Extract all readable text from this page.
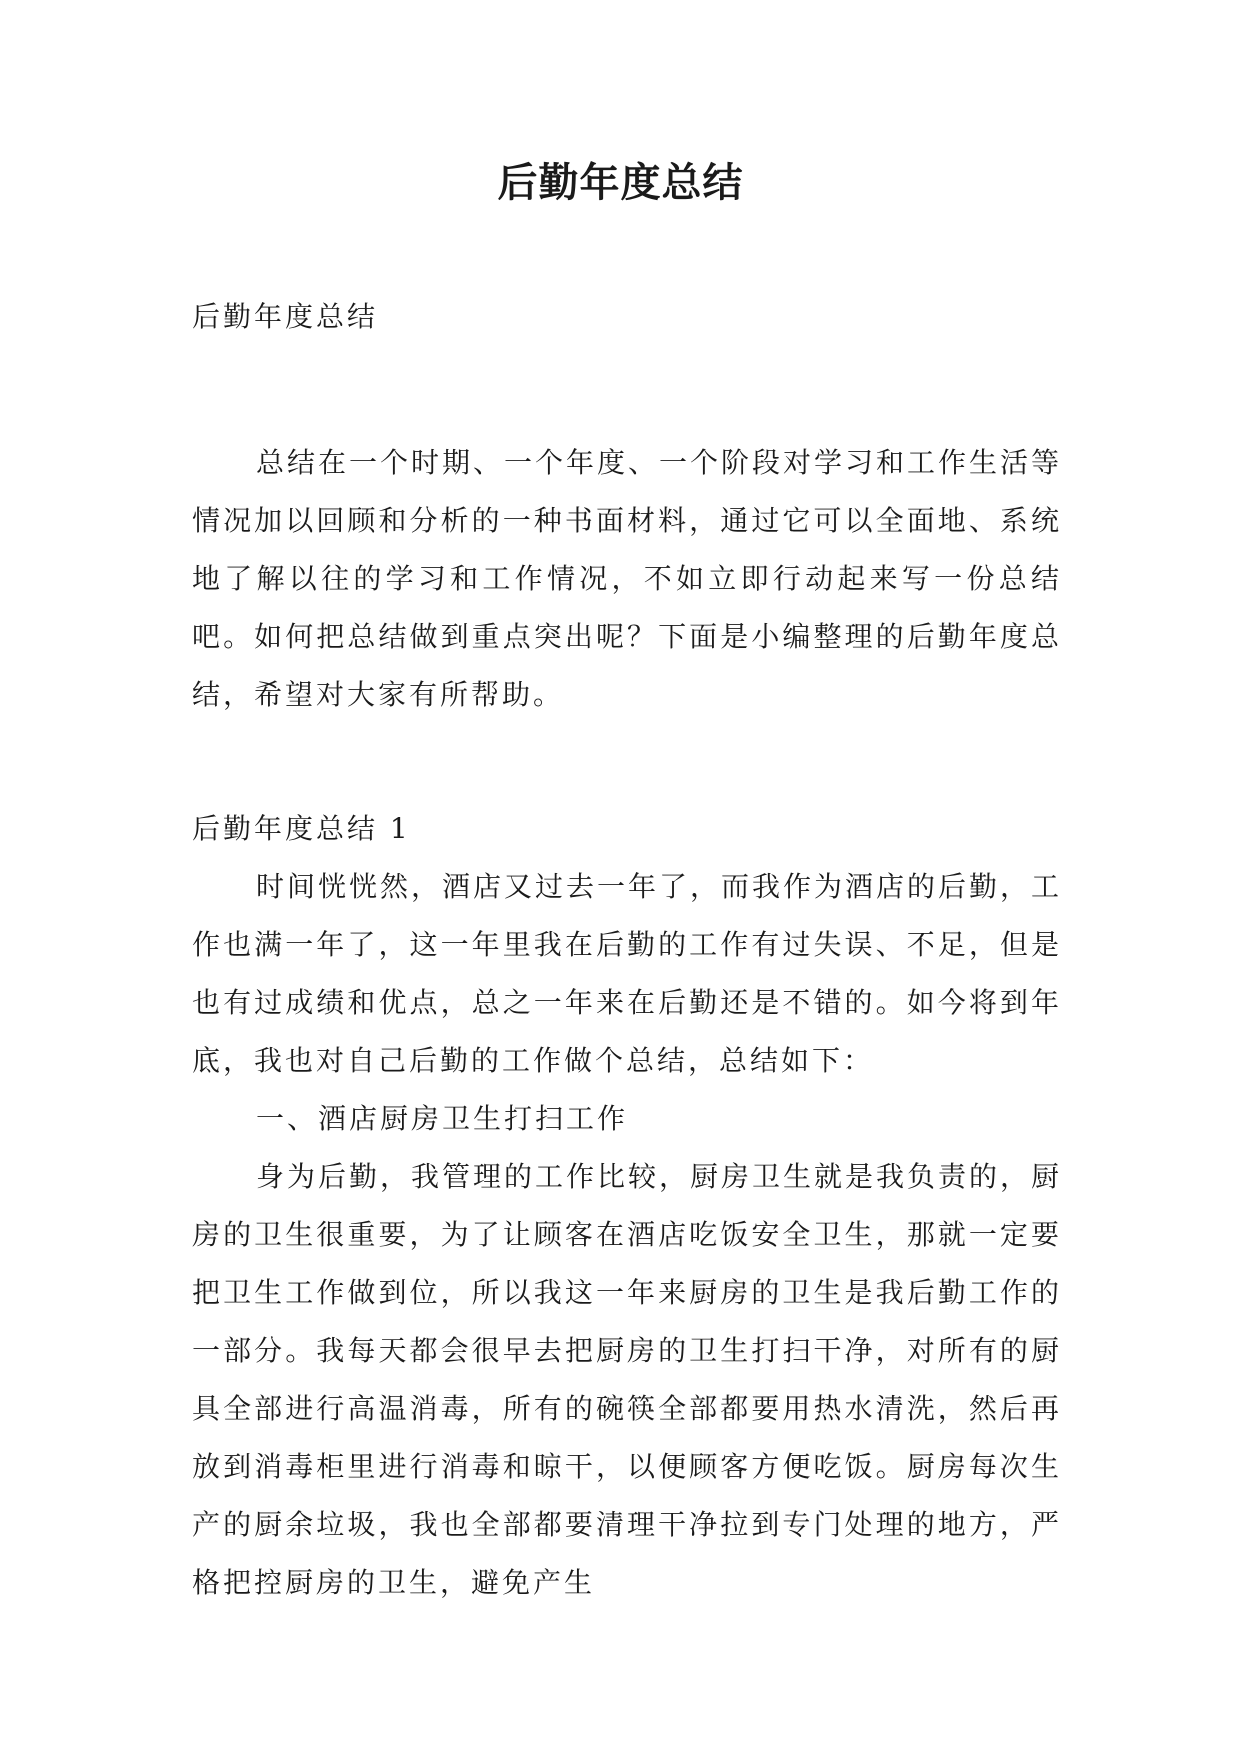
后勤年度总结

后勤年度总结

总结在一个时期、一个年度、一个阶段对学习和工作生活等情况加以回顾和分析的一种书面材料，通过它可以全面地、系统地了解以往的学习和工作情况，不如立即行动起来写一份总结吧。如何把总结做到重点突出呢？下面是小编整理的后勤年度总结，希望对大家有所帮助。

后勤年度总结 1

时间恍恍然，酒店又过去一年了，而我作为酒店的后勤，工作也满一年了，这一年里我在后勤的工作有过失误、不足，但是也有过成绩和优点，总之一年来在后勤还是不错的。如今将到年底，我也对自己后勤的工作做个总结，总结如下：

一、酒店厨房卫生打扫工作

身为后勤，我管理的工作比较，厨房卫生就是我负责的，厨房的卫生很重要，为了让顾客在酒店吃饭安全卫生，那就一定要把卫生工作做到位，所以我这一年来厨房的卫生是我后勤工作的一部分。我每天都会很早去把厨房的卫生打扫干净，对所有的厨具全部进行高温消毒，所有的碗筷全部都要用热水清洗，然后再放到消毒柜里进行消毒和晾干，以便顾客方便吃饭。厨房每次生产的厨余垃圾，我也全部都要清理干净拉到专门处理的地方，严格把控厨房的卫生，避免产生
